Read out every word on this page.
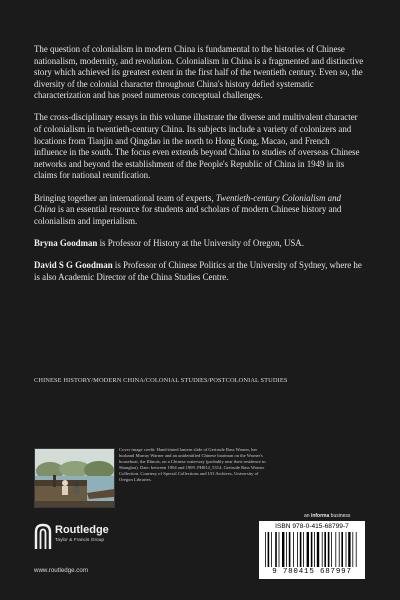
The question of colonialism in modern China is fundamental to the histories of Chinese nationalism, modernity, and revolution. Colonialism in China is a fragmented and distinctive story which achieved its greatest extent in the first half of the twentieth century. Even so, the diversity of the colonial character throughout China's history defied systematic characterization and has posed numerous conceptual challenges.

The cross-disciplinary essays in this volume illustrate the diverse and multivalent character of colonialism in twentieth-century China. Its subjects include a variety of colonizers and locations from Tianjin and Qingdao in the north to Hong Kong, Macao, and French influence in the south. The focus even extends beyond China to studies of overseas Chinese networks and beyond the establishment of the People's Republic of China in 1949 in its claims for national reunification.

Bringing together an international team of experts, Twentieth-century Colonialism and China is an essential resource for students and scholars of modern Chinese history and colonialism and imperialism.

Bryna Goodman is Professor of History at the University of Oregon, USA.

David S G Goodman is Professor of Chinese Politics at the University of Sydney, where he is also Academic Director of the China Studies Centre.

CHINESE HISTORY/MODERN CHINA/COLONIAL STUDIES/POSTCOLONIAL STUDIES
Cover image credit: Hand-tinted lantern slide of Gertrude Bass Warner, her husband Murray Warner and an unidentified Chinese boatman on the Warner's houseboat, the Illinois, on a Chinese waterway (probably near their residence in Shanghai). Date: between 1904 and 1909. PH014_5314. Gertrude Bass Warner Collection. Courtesy of Special Collections and UO Archives, University of Oregon Libraries.
an informa business
ISBN 978-0-415-68799-7
9 780415 687997
Routledge
Taylor & Francis Group
www.routledge.com
